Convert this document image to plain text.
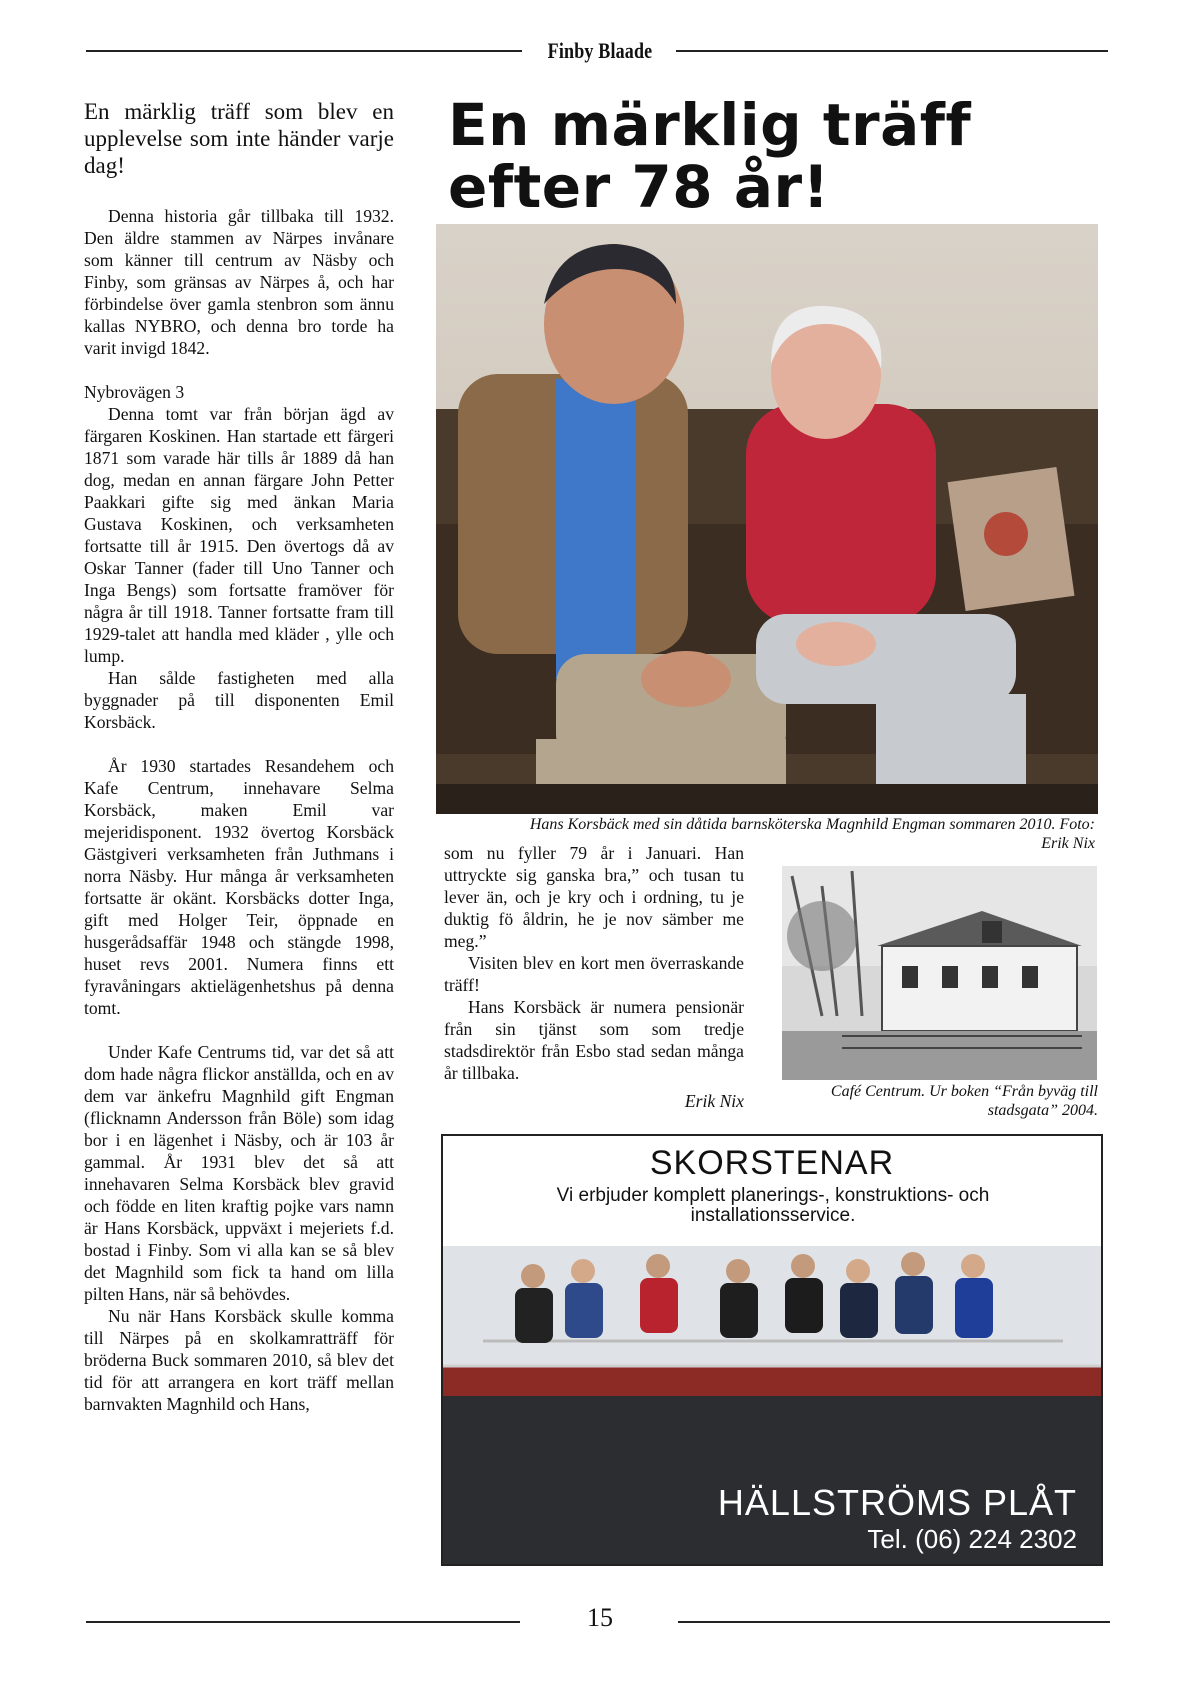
Finby Blaade
En märklig träff som blev en upplevelse som inte händer varje dag!

Denna historia går tillbaka till 1932. Den äldre stammen av Närpes invånare som känner till centrum av Näsby och Finby, som gränsas av Närpes å, och har förbindelse över gamla stenbron som ännu kallas NYBRO, och denna bro torde ha varit invigd 1842.

Nybrovägen 3

Denna tomt var från början ägd av färgaren Koskinen. Han startade ett färgeri 1871 som varade här tills år 1889 då han dog, medan en annan färgare John Petter Paakkari gifte sig med änkan Maria Gustava Koskinen, och verksamheten fortsatte till år 1915. Den övertogs då av Oskar Tanner (fader till Uno Tanner och Inga Bengs) som fortsatte framöver för några år till 1918. Tanner fortsatte fram till 1929-talet att handla med kläder , ylle och lump.

Han sålde fastigheten med alla byggnader på till disponenten Emil Korsbäck.

År 1930 startades Resandehem och Kafe Centrum, innehavare Selma Korsbäck, maken Emil var mejeridisponent. 1932 övertog Korsbäck Gästgiveri verksamheten från Juthmans i norra Näsby. Hur många år verksamheten fortsatte är okänt. Korsbäcks dotter Inga, gift med Holger Teir, öppnade en husgerådsaffär 1948 och stängde 1998, huset revs 2001. Numera finns ett fyravåningars aktielägenhetshus på denna tomt.

Under Kafe Centrums tid, var det så att dom hade några flickor anställda, och en av dem var änkefru Magnhild gift Engman (flicknamn Andersson från Böle) som idag bor i en lägenhet i Näsby, och är 103 år gammal. År 1931 blev det så att innehavaren Selma Korsbäck blev gravid och födde en liten kraftig pojke vars namn är Hans Korsbäck, uppväxt i mejeriets f.d. bostad i Finby. Som vi alla kan se så blev det Magnhild som fick ta hand om lilla pilten Hans, när så behövdes.

Nu när Hans Korsbäck skulle komma till Närpes på en skolkamratträff för bröderna Buck sommaren 2010, så blev det tid för att arrangera en kort träff mellan barnvakten Magnhild och Hans,

En märklig träff
efter 78 år!
Hans Korsbäck med sin dåtida barnsköterska Magnhild Engman sommaren 2010. Foto: Erik Nix

som nu fyller 79 år i Januari. Han uttryckte sig ganska bra,” och tusan tu lever än, och je kry och i ordning, tu je duktig fö åldrin, he je nov sämber me meg.”

Visiten blev en kort men överraskande träff!

Hans Korsbäck är numera pensionär från sin tjänst som som tredje stadsdirektör från Esbo stad sedan många år tillbaka.

Erik Nix	Café Centrum. Ur boken “Från byväg till stadsgata” 2004.
SKORSTENAR
Vi erbjuder komplett planerings-, konstruktions- och installationsservice.
HÄLLSTRÖMS PLÅT
Tel. (06) 224 2302
15
